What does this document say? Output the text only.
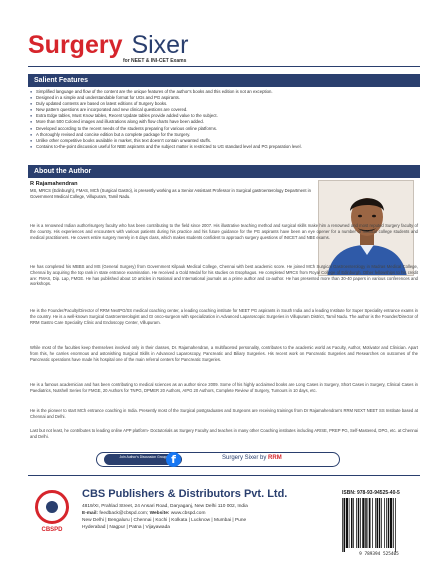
Surgery Sixer
for NEET & INI-CET Exams
Salient Features
● Simplified language and flow of the content are the unique features of the author's books and this edition is not an exception.
● Designed in a simple and understandable format for UGs and PG aspirants.
● Duly updated contents are based on latest editions of Surgery books.
● New pattern questions are incorporated and new clinical questions are covered.
● Extra Edge tables, Must Know tables, Recent Update tables provide added value to the subject.
● More than 500 Colored images and illustrations along with flow charts have been added.
● Developed according to the recent needs of the students preparing for various online platforms.
● A thoroughly revised and concise edition but a complete package for the Surgery.
● Unlike other competitive books available in market, this text doesn't contain unwanted stuffs.
● Contains to-the-point discussion useful for NBE aspirants and the subject matter is restricted to UG standard level and PG preparation level.
About the Author
R Rajamahendran
MS, MRCS (Edinburgh), FMAS, MCh (Surgical Gastro), is presently working as a Senior Assistant Professor in Surgical gastroenterology Department in Government Medical College, Villupuram, Tamil Nadu.
He is a renowned Indian author/surgery faculty who has been contributing to the field since 2007. His illustrative teaching method and surgical skills make him a renowned and most reputed Surgery faculty of the country. His experiences and encounters with various patients during his practice and his future guidance for the PG aspirants have been an eye opener for a number of medical college students and medical practitioners. He covers entire surgery merely in 6 days class, which makes students confident to approach surgery questions of INICET and NBE exams.
He has completed his MBBS and MS (General Surgery) from Government Kilpauk Medical College, Chennai with best academic score. He joined MCh Surgical Gastroenterology in Madras Medical College, Chennai by acquiring the top rank in state entrance examination. He received a Gold Medal for his studies on Esophagus. He completed MRCS from Royal College of Edinburgh. Other fellowships to his credit are: FMAS, Dip. Lap, FMGE. He has published about 10 articles in National and International journals as a prime author and co-author. He has presented more than 30-40 papers in various conferences and workshops.
He is the Founder/Faculty/Director of RRM NextPG/SS medical coaching center, a leading coaching institute for NEET PG aspirants in South India and a leading Institute for Super Speciality entrance exams in the country. He is a well-known Surgical Gastroenterologist and GI onco-surgeon with specialization in Advanced Laparoscopic Surgeries in Villupuram District, Tamil Nadu. The author is the Founder/Director of RRM Gastro Care Speciality Clinic and Endoscopy Center, Villupuram.
While most of the faculties keep themselves involved only in their classes, Dr. Rajamahendran, a multifaceted personality, contributes to the academic world as Faculty, Author, Motivator and Clinician. Apart from this, he carries enormous and astonishing Surgical Skills in Advanced Laparoscopy, Pancreatic and Biliary Surgeries. His recent work on Pancreatic Surgeries and Researches on outcomes of the Pancreatic operations have made his hospital one of the main referral centers for Pancreatic Surgeries.
He is a famous academician and has been contributing to medical sciences as an author since 2009. Some of his highly acclaimed books are Long Cases in Surgery, Short Cases in Surgery, Clinical Cases in Paediatrics, Nutshell Series for FMGE, 20 Authors for TNPG, DPMER 20 Authors, AIPG 20 Authors, Complete Review of Surgery, Tumours in 10 days, etc.
He is the pioneer to start MCh entrance coaching in India. Presently most of the Surgical postgraduates and Surgeons are receiving trainings from Dr Rajamahendran's RRM NEXT NEET SS Institute based at Chennai and Delhi.
Last but not least, he contributes to leading online APP platform- Doctutorials as Surgery Faculty and teaches in many other Coaching institutes including ARISE, PREP PG, Self-Mastered, DPG, etc. at Chennai and Delhi.
Join Author's Discussion Group f	Surgery Sixer by RRM
CBSPD
CBS Publishers & Distributors Pvt. Ltd.
4819/XI, Prahlad Street, 24 Ansari Road, Daryaganj, New Delhi 110 002, India
E-mail: feedback@cbspd.com; Website: www.cbspd.com
New Delhi | Bengaluru | Chennai | Kochi | Kolkata | Lucknow | Mumbai | Pune
Hyderabad | Nagpur | Patna | Vijayawada
ISBN: 978-93-94525-40-5
9 789394 525405
